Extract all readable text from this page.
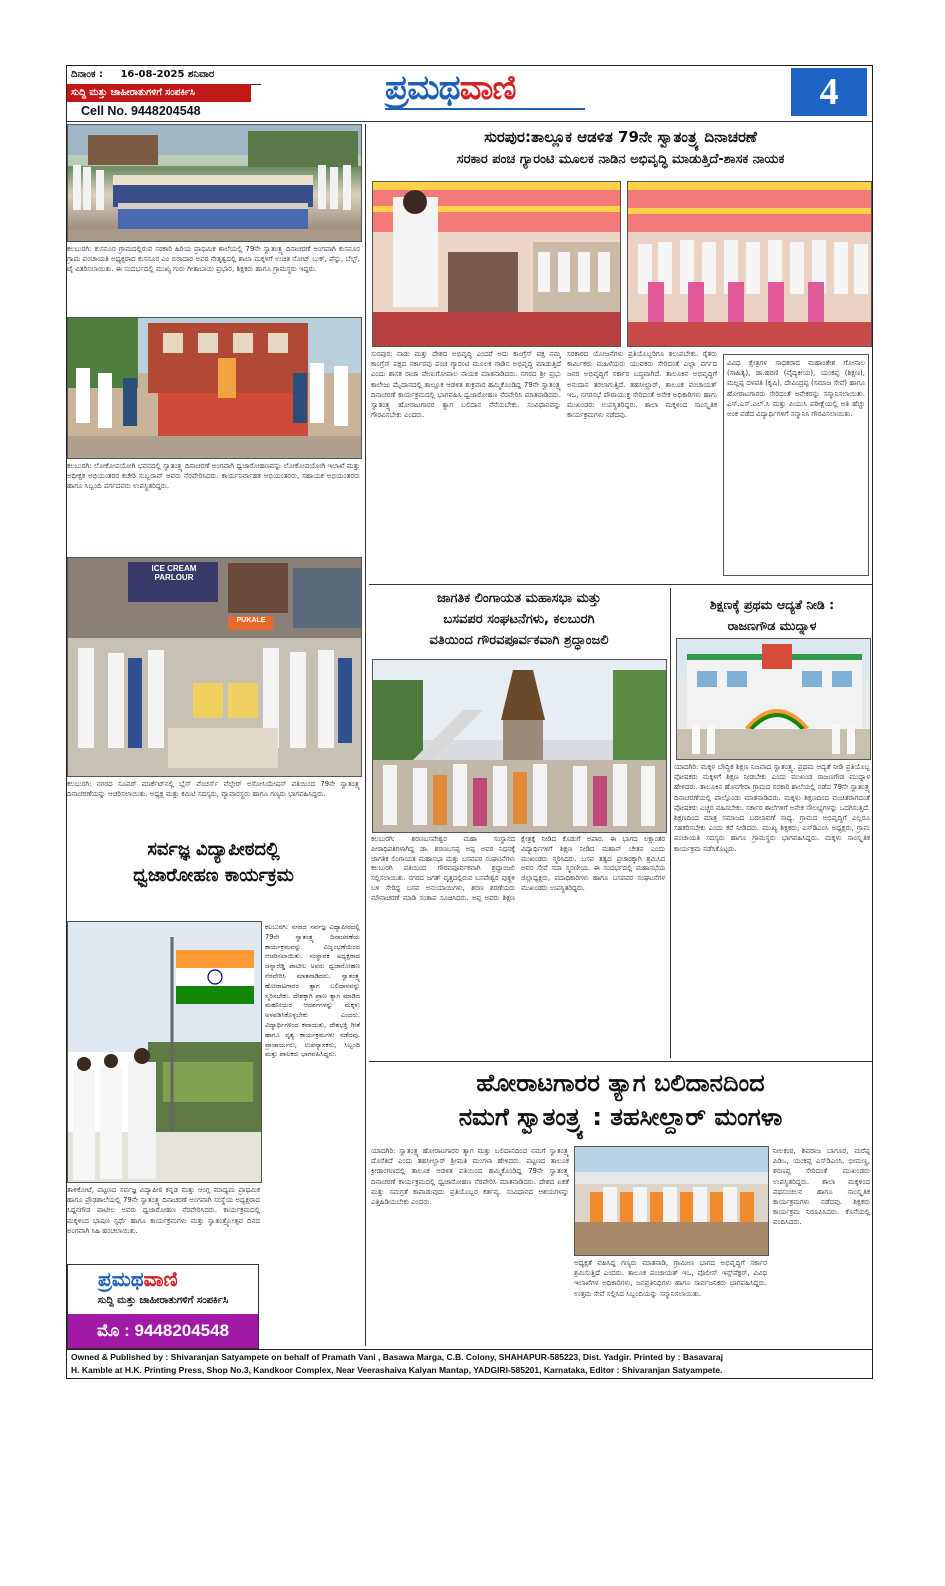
ದಿನಾಂಕ : 16-08-2025 ಶನಿವಾರ
ಸುದ್ದಿ ಮತ್ತು ಜಾಹೀರಾತುಗಳಿಗೆ ಸಂಪರ್ಕಿಸಿ
Cell No. 9448204548
ಪ್ರಮಥವಾಣಿ	4
ಕಲಬುರಗಿ: ಕುಸನೂರ ಗ್ರಾಮದಲ್ಲಿರುವ ಸರಕಾರಿ ಹಿರಿಯ ಪ್ರಾಥಮಿಕ ಶಾಲೆಯಲ್ಲಿ 79ನೇ ಸ್ವಾತಂತ್ರ್ಯ ದಿನಾಚರಣೆ ಅಂಗವಾಗಿ ಕುಸನೂರ ಗ್ರಾಮ ಪಂಚಾಯತಿ ಅಧ್ಯಕ್ಷರಾದ ಕುಸನೂರ ಎಂ ಬಿರಾದಾರ ಅವರ ನೇತೃತ್ವದಲ್ಲಿ ಶಾಲಾ ಮಕ್ಕಳಿಗೆ ಉಚಿತ ನೋಟ್ ಬುಕ್, ಪೆನ್ನು, ಬೆಲ್ಟ್, ಟೈ ವಿತರಿಸಲಾಯಿತು. ಈ ಸಂದರ್ಭದಲ್ಲಿ ಮುಖ್ಯ ಗುರು ಗೀತಾಬಾಯಿ ಪ್ರಭಾರ, ಶಿಕ್ಷಕರು ಹಾಗೂ ಗ್ರಾಮಸ್ಥರು ಇದ್ದರು.
ಕಲಬುರಗಿ: ಲೋಕೋಪಯೋಗಿ ಭವನದಲ್ಲಿ ಸ್ವಾತಂತ್ರ್ಯ ದಿನಾಚರಣೆ ಅಂಗವಾಗಿ ಧ್ವಜಾರೋಹಣವನ್ನು ಲೋಕೋಪಯೋಗಿ ಇಲಾಖೆ ಮತ್ತು ಅಧೀಕ್ಷಕ ಅಭಿಯಂತರರ ಕಚೇರಿ ಸುಬ್ಬರಾವ್ ಅವರು ನೆರವೇರಿಸಿದರು. ಕಾರ್ಯನಿರ್ವಾಹಕ ಅಭಿಯಂತರರು, ಸಹಾಯಕ ಅಭಿಯಂತರರು ಹಾಗೂ ಸಿಬ್ಬಂದಿ ವರ್ಗದವರು ಉಪಸ್ಥಿತರಿದ್ದರು.
ICE CREAM PARLOUR
PUKALE
ಕಲಬುರಗಿ: ನಗರದ ಸೂಪರ್ ಮಾರ್ಕೆಟ್‌ನಲ್ಲಿ ಬ್ಲೆಸ್ ವೆಂಚರ್ಸ್ ವೆಲ್ಫೇರ್ ಅಸೋಸಿಯೇಷನ್ ವತಿಯಿಂದ 79ನೇ ಸ್ವಾತಂತ್ರ್ಯ ದಿನಾಚರಣೆಯನ್ನು ಆಚರಿಸಲಾಯಿತು. ಅಧ್ಯಕ್ಷ ಮತ್ತು ಕಮಿಟಿ ಸದಸ್ಯರು, ವ್ಯಾಪಾರಸ್ಥರು ಹಾಗೂ ಗಣ್ಯರು ಭಾಗವಹಿಸಿದ್ದರು.
ಸರ್ವಜ್ಞ ವಿದ್ಯಾಪೀಠದಲ್ಲಿ
ಧ್ವಜಾರೋಹಣ ಕಾರ್ಯಕ್ರಮ
ಕಲಬುರಗಿ: ನಗರದ ಸರ್ವಜ್ಞ ವಿದ್ಯಾಪೀಠದಲ್ಲಿ 79ನೇ ಸ್ವಾತಂತ್ರ್ಯ ದಿನಾಚರಣೆಯ ಕಾರ್ಯಕ್ರಮವನ್ನು ವಿಜೃಂಭಣೆಯಿಂದ ಆಚರಿಸಲಾಯಿತು. ಸಂಸ್ಥಾಪಕ ಅಧ್ಯಕ್ಷರಾದ ಚನ್ನಾರೆಡ್ಡಿ ಪಾಟೀಲ ಅವರು ಧ್ವಜಾರೋಹಣ ನೆರವೇರಿಸಿ ಮಾತನಾಡಿದರು. ಸ್ವಾತಂತ್ರ್ಯ ಹೋರಾಟಗಾರರ ತ್ಯಾಗ ಬಲಿದಾನವನ್ನು ಸ್ಮರಿಸಬೇಕು. ದೇಶಕ್ಕಾಗಿ ಪ್ರಾಣ ತ್ಯಾಗ ಮಾಡಿದ ಮಹನೀಯರ ಆದರ್ಶಗಳನ್ನು ಮಕ್ಕಳು ಅಳವಡಿಸಿಕೊಳ್ಳಬೇಕು ಎಂದರು. ವಿದ್ಯಾರ್ಥಿಗಳಿಂದ ಕವಾಯತು, ದೇಶಭಕ್ತಿ ಗೀತೆ ಹಾಗೂ ನೃತ್ಯ ಕಾರ್ಯಕ್ರಮಗಳು ನಡೆದವು. ಪ್ರಾಚಾರ್ಯರು, ಉಪನ್ಯಾಸಕರು, ಸಿಬ್ಬಂದಿ ಮತ್ತು ಪಾಲಕರು ಭಾಗವಹಿಸಿದ್ದರು.
ತಾಳಿಕೋಟೆ, ಪಟ್ಟಣದ ಸರ್ವಜ್ಞ ವಿದ್ಯಾಪೀಠ ಕನ್ನಡ ಮತ್ತು ಆಂಗ್ಲ ಮಾಧ್ಯಮ ಪ್ರಾಥಮಿಕ ಹಾಗೂ ಪ್ರೌಢಶಾಲೆಯಲ್ಲಿ 79ನೇ ಸ್ವಾತಂತ್ರ್ಯ ದಿನಾಚರಣೆ ಅಂಗವಾಗಿ ಸಂಸ್ಥೆಯ ಅಧ್ಯಕ್ಷರಾದ ಸಿದ್ದನಗೌಡ ಪಾಟೀಲ ಅವರು ಧ್ವಜಾರೋಹಣ ನೆರವೇರಿಸಿದರು. ಕಾರ್ಯಕ್ರಮದಲ್ಲಿ ಮಕ್ಕಳಿಂದ ಭಾಷಣ ಸ್ಪರ್ಧೆ ಹಾಗೂ ಕಾರ್ಯಕ್ರಮಗಳು ಮತ್ತು ಸ್ವಾತಂತ್ರ್ಯೋತ್ಸವ ದಿನದ ಅಂಗವಾಗಿ ಸಿಹಿ ಹಂಚಲಾಯಿತು.
ಪ್ರಮಥವಾಣಿ
ಸುದ್ದಿ ಮತ್ತು ಜಾಹೀರಾತುಗಳಿಗೆ ಸಂಪರ್ಕಿಸಿ
ಮೊ : 9448204548
ಸುರಪುರ:ತಾಲ್ಲೂಕ ಆಡಳಿತ 79ನೇ ಸ್ವಾತಂತ್ರ್ಯ ದಿನಾಚರಣೆ
ಸರಕಾರ ಪಂಚ ಗ್ಯಾರಂಟಿ ಮೂಲಕ ನಾಡಿನ ಅಭಿವೃದ್ಧಿ ಮಾಡುತ್ತಿದೆ-ಶಾಸಕ ನಾಯಕ
ಸುರಪುರ: ನಾಡು ಮತ್ತು ದೇಶದ ಅಭಿವೃದ್ಧಿ ಎಂದರೆ ಅದು ಕಾಂಗ್ರೆಸ್ ಪಕ್ಷ ನಮ್ಮ ಕಾಂಗ್ರೆಸ್ ಪಕ್ಷದ ಸರ್ಕಾರವು ಪಂಚ ಗ್ಯಾರಂಟಿ ಮೂಲಕ ನಾಡಿನ ಅಭಿವೃದ್ಧಿ ಮಾಡುತ್ತಿದೆ ಎಂದು ಶಾಸಕ ರಾಜಾ ವೇಣುಗೋಪಾಲ ನಾಯಕ ಮಾತನಾಡಿದರು. ನಗರದ ಶ್ರೀ ಪ್ರಭು ಕಾಲೇಜು ಮೈದಾನದಲ್ಲಿ ತಾಲ್ಲೂಕ ಆಡಳಿತ ಶುಕ್ರವಾರ ಹಮ್ಮಿಕೊಂಡಿದ್ದ 79ನೇ ಸ್ವಾತಂತ್ರ್ಯ ದಿನಾಚರಣೆ ಕಾರ್ಯಕ್ರಮದಲ್ಲಿ ಭಾಗವಹಿಸಿ ಧ್ವಜಾರೋಹಣ ನೆರವೇರಿಸಿ ಮಾತನಾಡಿದರು. ಸ್ವಾತಂತ್ರ್ಯ ಹೋರಾಟಗಾರರ ತ್ಯಾಗ ಬಲಿದಾನ ನೆನೆಯಬೇಕು. ಸಂವಿಧಾನವನ್ನು ಗೌರವಿಸಬೇಕು ಎಂದರು.
ಸರಕಾರದ ಯೋಜನೆಗಳು ಪ್ರತಿಯೊಬ್ಬರಿಗೂ ತಲುಪಬೇಕು. ರೈತರು ಕಾರ್ಮಿಕರು ಮಹಿಳೆಯರು ಯುವಕರು ಸೇರಿದಂತೆ ಎಲ್ಲಾ ವರ್ಗದ ಜನರ ಅಭಿವೃದ್ಧಿಗೆ ಸರ್ಕಾರ ಬದ್ಧವಾಗಿದೆ. ತಾಲೂಕಿನ ಅಭಿವೃದ್ಧಿಗೆ ಅನುದಾನ ತರಲಾಗುತ್ತಿದೆ. ತಹಸೀಲ್ದಾರ್, ತಾಲೂಕ ಪಂಚಾಯತ್ ಇಒ, ನಗರಸಭೆ ಪೌರಾಯುಕ್ತ ಸೇರಿದಂತೆ ಅನೇಕ ಅಧಿಕಾರಿಗಳು ಹಾಗು ಮುಖಂಡರು ಉಪಸ್ಥಿತರಿದ್ದರು. ಶಾಲಾ ಮಕ್ಕಳಿಂದ ಸಾಂಸ್ಕೃತಿಕ ಕಾರ್ಯಕ್ರಮಗಳು ನಡೆದವು.
ವಿವಿಧ ಕ್ಷೇತ್ರಗಳ ಸಾಧಕರಾದ ಮಹಾಂತೇಶ ಗೋನಾಲ (ಸಾಹಿತ್ಯ), ಡಾ.ಹರಣಿ (ವೈದ್ಯಕೀಯ), ಯಂಕಪ್ಪ (ಶಿಕ್ಷಣ), ಮಲ್ಲಪ್ಪ ದಳಪತಿ (ಕೃಷಿ), ದೇವಿಂದ್ರಪ್ಪ (ಸಮಾಜ ಸೇವೆ) ಹಾಗೂ ಹೋರಾಟಗಾರರು ಸೇರಿದಂತೆ ಅನೇಕರನ್ನು ಸನ್ಮಾನಿಸಲಾಯಿತು. ಎಸ್.ಎಸ್.ಎಲ್.ಸಿ ಮತ್ತು ಪಿಯುಸಿ ಪರೀಕ್ಷೆಯಲ್ಲಿ ಅತಿ ಹೆಚ್ಚು ಅಂಕ ಪಡೆದ ವಿದ್ಯಾರ್ಥಿಗಳಿಗೆ ಸನ್ಮಾನಿಸಿ ಗೌರವಿಸಲಾಯಿತು.
ಜಾಗತಿಕ ಲಿಂಗಾಯತ ಮಹಾಸಭಾ ಮತ್ತು
ಬಸವಪರ ಸಂಘಟನೆಗಳು, ಕಲಬುರಗಿ
ವತಿಯಿಂದ ಗೌರವಪೂರ್ವಕವಾಗಿ ಶ್ರದ್ಧಾಂಜಲಿ
ಕಲಬುರಗಿ: ಶರಣಬಸವೇಶ್ವರ ಮಹಾ ಸಂಸ್ಥಾನದ ಪೀಠಾಧಿಪತಿಗಳಾಗಿದ್ದ ಡಾ. ಶರಣಬಸಪ್ಪ ಅಪ್ಪ ಅವರ ನಿಧನಕ್ಕೆ ಜಾಗತಿಕ ಲಿಂಗಾಯತ ಮಹಾಸಭಾ ಮತ್ತು ಬಸವಪರ ಸಂಘಟನೆಗಳು ಕಲಬುರಗಿ ವತಿಯಿಂದ ಗೌರವಪೂರ್ವಕವಾಗಿ ಶ್ರದ್ಧಾಂಜಲಿ ಸಲ್ಲಿಸಲಾಯಿತು. ನಗರದ ಜಗತ್ ವೃತ್ತದಲ್ಲಿರುವ ಬಸವೇಶ್ವರ ಪುತ್ಥಳಿ ಬಳಿ ಸೇರಿದ್ದ ಬಸವ ಅನುಯಾಯಿಗಳು, ಶರಣ ಶರಣೆಯರು ಮೌನಾಚರಣೆ ಮಾಡಿ ಸಂತಾಪ ಸೂಚಿಸಿದರು. ಅಪ್ಪ ಅವರು ಶಿಕ್ಷಣ ಕ್ಷೇತ್ರಕ್ಕೆ ನೀಡಿದ ಕೊಡುಗೆ ಅಪಾರ. ಈ ಭಾಗದ ಲಕ್ಷಾಂತರ ವಿದ್ಯಾರ್ಥಿಗಳಿಗೆ ಶಿಕ್ಷಣ ನೀಡಿದ ಮಹಾನ್ ಚೇತನ ಎಂದು ಮುಖಂಡರು ಸ್ಮರಿಸಿದರು. ಬಸವ ತತ್ವದ ಪ್ರಚಾರಕ್ಕಾಗಿ ಶ್ರಮಿಸಿದ ಅವರ ಸೇವೆ ಸದಾ ಸ್ಮರಣೀಯ. ಈ ಸಂದರ್ಭದಲ್ಲಿ ಮಹಾಸಭೆಯ ಜಿಲ್ಲಾಧ್ಯಕ್ಷರು, ಪದಾಧಿಕಾರಿಗಳು ಹಾಗೂ ಬಸವಪರ ಸಂಘಟನೆಗಳ ಮುಖಂಡರು ಉಪಸ್ಥಿತರಿದ್ದರು.
ಶಿಕ್ಷಣಕ್ಕೆ ಪ್ರಥಮ ಆದ್ಯತೆ ನೀಡಿ :
ರಾಜಣಗೌಡ ಮುದ್ನಾಳ
ಯಾದಗಿರಿ: ಮಕ್ಕಳ ಬೌದ್ಧಿಕ ಶಿಕ್ಷಣ ನಿಜವಾದ ಸ್ವಾತಂತ್ರ್ಯ. ಪ್ರಥಮ ಆದ್ಯತೆ ನೀಡಿ ಪ್ರತಿಯೊಬ್ಬ ಪೋಷಕರು ಮಕ್ಕಳಿಗೆ ಶಿಕ್ಷಣ ನೀಡಬೇಕು ಎಂದು ಮುಖಂಡ ರಾಜಣಗೌಡ ಮುದ್ನಾಳ ಹೇಳಿದರು. ತಾಲೂಕಿನ ಹೊನಗೇರಾ ಗ್ರಾಮದ ಸರಕಾರಿ ಶಾಲೆಯಲ್ಲಿ ನಡೆದ 79ನೇ ಸ್ವಾತಂತ್ರ್ಯ ದಿನಾಚರಣೆಯಲ್ಲಿ ಪಾಲ್ಗೊಂಡು ಮಾತನಾಡಿದರು. ಮಕ್ಕಳು ಶಿಕ್ಷಣದಿಂದ ವಂಚಿತರಾಗದಂತೆ ಪೋಷಕರು ಎಚ್ಚರ ವಹಿಸಬೇಕು. ಸರ್ಕಾರ ಶಾಲೆಗಳಿಗೆ ಅನೇಕ ಸೌಲಭ್ಯಗಳನ್ನು ಒದಗಿಸುತ್ತಿದೆ. ಶಿಕ್ಷಣದಿಂದ ಮಾತ್ರ ಸಮಾಜದ ಬದಲಾವಣೆ ಸಾಧ್ಯ. ಗ್ರಾಮದ ಅಭಿವೃದ್ಧಿಗೆ ಎಲ್ಲರೂ ಸಹಕರಿಸಬೇಕು ಎಂದು ಕರೆ ನೀಡಿದರು. ಮುಖ್ಯ ಶಿಕ್ಷಕರು, ಎಸ್‌ಡಿಎಂಸಿ ಅಧ್ಯಕ್ಷರು, ಗ್ರಾಮ ಪಂಚಾಯತಿ ಸದಸ್ಯರು ಹಾಗೂ ಗ್ರಾಮಸ್ಥರು ಭಾಗವಹಿಸಿದ್ದರು. ಮಕ್ಕಳು ಸಾಂಸ್ಕೃತಿಕ ಕಾರ್ಯಕ್ರಮ ನಡೆಸಿಕೊಟ್ಟರು.
ಹೋರಾಟಗಾರರ ತ್ಯಾಗ ಬಲಿದಾನದಿಂದ
ನಮಗೆ ಸ್ವಾತಂತ್ರ್ಯ : ತಹಸೀಲ್ದಾರ್ ಮಂಗಳಾ
ಯಾದಗಿರಿ: ಸ್ವಾತಂತ್ರ್ಯ ಹೋರಾಟಗಾರರ ತ್ಯಾಗ ಮತ್ತು ಬಲಿದಾನದಿಂದ ನಮಗೆ ಸ್ವಾತಂತ್ರ್ಯ ದೊರೆತಿದೆ ಎಂದು ತಹಸೀಲ್ದಾರ್ ಶ್ರೀಮತಿ ಮಂಗಳಾ ಹೇಳಿದರು. ಪಟ್ಟಣದ ತಾಲೂಕ ಕ್ರೀಡಾಂಗಣದಲ್ಲಿ ತಾಲೂಕ ಆಡಳಿತ ವತಿಯಿಂದ ಹಮ್ಮಿಕೊಂಡಿದ್ದ 79ನೇ ಸ್ವಾತಂತ್ರ್ಯ ದಿನಾಚರಣೆ ಕಾರ್ಯಕ್ರಮದಲ್ಲಿ ಧ್ವಜಾರೋಹಣ ನೆರವೇರಿಸಿ ಮಾತನಾಡಿದರು. ದೇಶದ ಏಕತೆ ಮತ್ತು ಸಮಗ್ರತೆ ಕಾಪಾಡುವುದು ಪ್ರತಿಯೊಬ್ಬರ ಕರ್ತವ್ಯ. ಸಂವಿಧಾನದ ಆಶಯಗಳನ್ನು ಎತ್ತಿಹಿಡಿಯಬೇಕು ಎಂದರು.
ಅಧ್ಯಕ್ಷತೆ ವಹಿಸಿದ್ದ ಗಣ್ಯರು ಮಾತನಾಡಿ, ಗ್ರಾಮೀಣ ಭಾಗದ ಅಭಿವೃದ್ಧಿಗೆ ಸರ್ಕಾರ ಶ್ರಮಿಸುತ್ತಿದೆ ಎಂದರು. ತಾಲೂಕ ಪಂಚಾಯತ್ ಇಒ, ಪೊಲೀಸ್ ಇನ್ಸ್‌ಪೆಕ್ಟರ್, ವಿವಿಧ ಇಲಾಖೆಗಳ ಅಧಿಕಾರಿಗಳು, ಜನಪ್ರತಿನಿಧಿಗಳು ಹಾಗೂ ಸಾರ್ವಜನಿಕರು ಭಾಗವಹಿಸಿದ್ದರು. ಉತ್ತಮ ಸೇವೆ ಸಲ್ಲಿಸಿದ ಸಿಬ್ಬಂದಿಯನ್ನು ಸನ್ಮಾನಿಸಲಾಯಿತು.
ನೀಲಕಂಠ, ಶಿವರಾಜ ಬಾಗೂರ, ಮರೆಪ್ಪ ಪಿಡಿಒ, ಯಂಕಪ್ಪ ಎಸ್‌ಡಿಎಂಸಿ, ಭೀಮಣ್ಣ, ಶರಣಪ್ಪ ಸೇರಿದಂತೆ ಮುಖಂಡರು ಉಪಸ್ಥಿತರಿದ್ದರು. ಶಾಲಾ ಮಕ್ಕಳಿಂದ ಪಥಸಂಚಲನ ಹಾಗೂ ಸಾಂಸ್ಕೃತಿಕ ಕಾರ್ಯಕ್ರಮಗಳು ನಡೆದವು. ಶಿಕ್ಷಕರು ಕಾರ್ಯಕ್ರಮ ನಿರೂಪಿಸಿದರು. ಕೊನೆಯಲ್ಲಿ ವಂದಿಸಿದರು.
Owned & Published by : Shivaranjan Satyampete on behalf of Pramath Vani , Basawa Marga, C.B. Colony, SHAHAPUR-585223, Dist. Yadgir. Printed by : Basavaraj
H. Kamble at H.K. Printing Press, Shop No.3, Kandkoor Complex, Near Veerashaiva Kalyan Mantap, YADGIRI-585201, Karnataka, Editor : Shivaranjan Satyampete.
